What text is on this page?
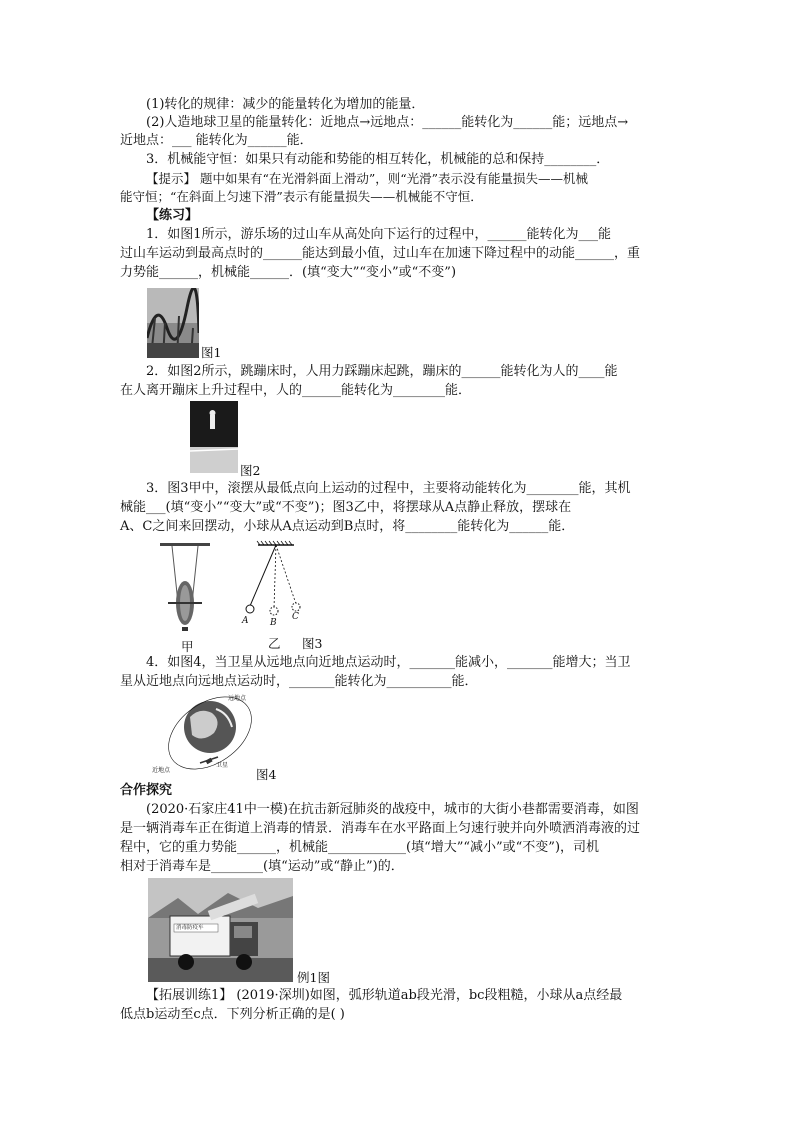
(1)转化的规律：减少的能量转化为增加的能量．
(2)人造地球卫星的能量转化：近地点→远地点：______能转化为______能；远地点→
近地点：___ 能转化为______能．
3．机械能守恒：如果只有动能和势能的相互转化，机械能的总和保持________．
【提示】 题中如果有“在光滑斜面上滑动”，则“光滑”表示没有能量损失——机械
能守恒；“在斜面上匀速下滑”表示有能量损失——机械能不守恒．
【练习】
1．如图1所示，游乐场的过山车从高处向下运行的过程中，______能转化为___能
过山车运动到最高点时的______能达到最小值，过山车在加速下降过程中的动能______，重
力势能______，机械能______．(填“变大”“变小”或“不变”)
图1
2．如图2所示，跳蹦床时，人用力踩蹦床起跳，蹦床的______能转化为人的____能
在人离开蹦床上升过程中，人的______能转化为________能．
图2
3．图3甲中，滚摆从最低点向上运动的过程中，主要将动能转化为________能，其机
械能___(填“变小”“变大”或“不变”)；图3乙中，将摆球从A点静止释放，摆球在
A、C之间来回摆动，小球从A点运动到B点时，将________能转化为______能．
甲
A B
C
乙 图3
4．如图4，当卫星从远地点向近地点运动时，_______能减小，_______能增大；当卫
星从近地点向远地点运动时，_______能转化为__________能．
远地点
近地点
卫星
图4
合作探究
(2020·石家庄41中一模)在抗击新冠肺炎的战疫中，城市的大街小巷都需要消毒，如图
是一辆消毒车正在街道上消毒的情景．消毒车在水平路面上匀速行驶并向外喷洒消毒液的过
程中，它的重力势能______，机械能____________(填“增大”“减小”或“不变”)，司机
相对于消毒车是________(填“运动”或“静止”)的．
消毒防疫车
例1图
【拓展训练1】 (2019·深圳)如图，弧形轨道ab段光滑，bc段粗糙，小球从a点经最
低点b运动至c点．下列分析正确的是( )
